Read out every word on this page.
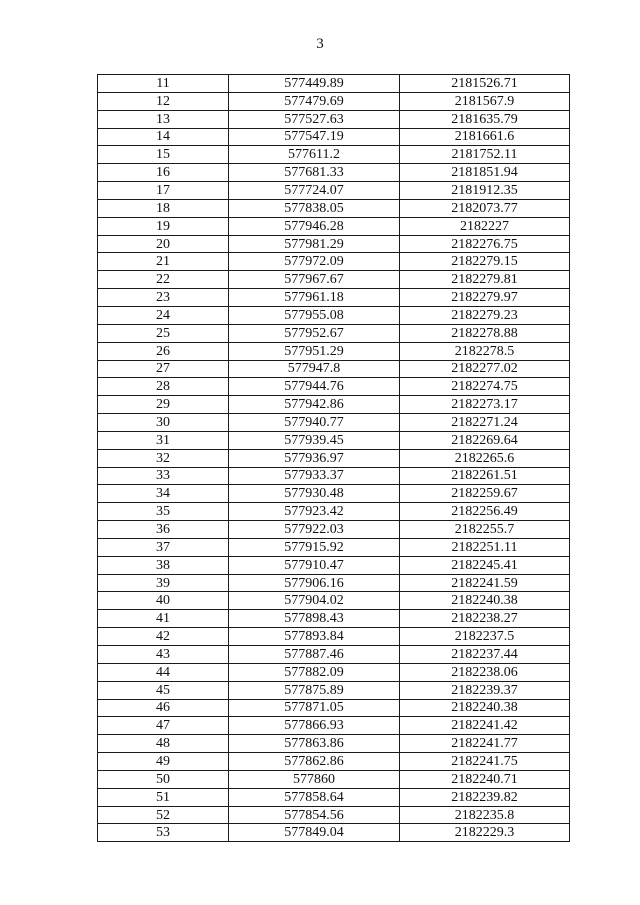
3
11	577449.89	2181526.71
12	577479.69	2181567.9
13	577527.63	2181635.79
14	577547.19	2181661.6
15	577611.2	2181752.11
16	577681.33	2181851.94
17	577724.07	2181912.35
18	577838.05	2182073.77
19	577946.28	2182227
20	577981.29	2182276.75
21	577972.09	2182279.15
22	577967.67	2182279.81
23	577961.18	2182279.97
24	577955.08	2182279.23
25	577952.67	2182278.88
26	577951.29	2182278.5
27	577947.8	2182277.02
28	577944.76	2182274.75
29	577942.86	2182273.17
30	577940.77	2182271.24
31	577939.45	2182269.64
32	577936.97	2182265.6
33	577933.37	2182261.51
34	577930.48	2182259.67
35	577923.42	2182256.49
36	577922.03	2182255.7
37	577915.92	2182251.11
38	577910.47	2182245.41
39	577906.16	2182241.59
40	577904.02	2182240.38
41	577898.43	2182238.27
42	577893.84	2182237.5
43	577887.46	2182237.44
44	577882.09	2182238.06
45	577875.89	2182239.37
46	577871.05	2182240.38
47	577866.93	2182241.42
48	577863.86	2182241.77
49	577862.86	2182241.75
50	577860	2182240.71
51	577858.64	2182239.82
52	577854.56	2182235.8
53	577849.04	2182229.3
